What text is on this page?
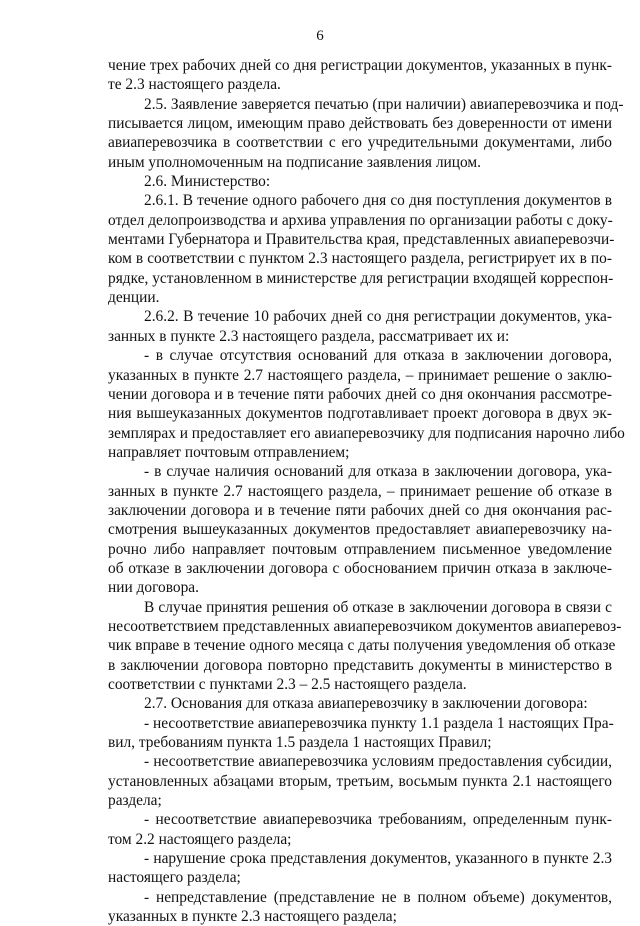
6
чение трех рабочих дней со дня регистрации документов, указанных в пунк-
те 2.3 настоящего раздела.
2.5. Заявление заверяется печатью (при наличии) авиаперевозчика и под-
писывается лицом, имеющим право действовать без доверенности от имени
авиаперевозчика в соответствии с его учредительными документами, либо
иным уполномоченным на подписание заявления лицом.
2.6. Министерство:
2.6.1. В течение одного рабочего дня со дня поступления документов в
отдел делопроизводства и архива управления по организации работы с доку-
ментами Губернатора и Правительства края, представленных авиаперевозчи-
ком в соответствии с пунктом 2.3 настоящего раздела, регистрирует их в по-
рядке, установленном в министерстве для регистрации входящей корреспон-
денции.
2.6.2. В течение 10 рабочих дней со дня регистрации документов, ука-
занных в пункте 2.3 настоящего раздела, рассматривает их и:
- в случае отсутствия оснований для отказа в заключении договора,
указанных в пункте 2.7 настоящего раздела, – принимает решение о заклю-
чении договора и в течение пяти рабочих дней со дня окончания рассмотре-
ния вышеуказанных документов подготавливает проект договора в двух эк-
земплярах и предоставляет его авиаперевозчику для подписания нарочно либо
направляет почтовым отправлением;
- в случае наличия оснований для отказа в заключении договора, ука-
занных в пункте 2.7 настоящего раздела, – принимает решение об отказе в
заключении договора и в течение пяти рабочих дней со дня окончания рас-
смотрения вышеуказанных документов предоставляет авиаперевозчику на-
рочно либо направляет почтовым отправлением письменное уведомление
об отказе в заключении договора с обоснованием причин отказа в заключе-
нии договора.
В случае принятия решения об отказе в заключении договора в связи с
несоответствием представленных авиаперевозчиком документов авиаперевоз-
чик вправе в течение одного месяца с даты получения уведомления об отказе
в заключении договора повторно представить документы в министерство в
соответствии с пунктами 2.3 – 2.5 настоящего раздела.
2.7. Основания для отказа авиаперевозчику в заключении договора:
- несоответствие авиаперевозчика пункту 1.1 раздела 1 настоящих Пра-
вил, требованиям пункта 1.5 раздела 1 настоящих Правил;
- несоответствие авиаперевозчика условиям предоставления субсидии,
установленных абзацами вторым, третьим, восьмым пункта 2.1 настоящего
раздела;
- несоответствие авиаперевозчика требованиям, определенным пунк-
том 2.2 настоящего раздела;
- нарушение срока представления документов, указанного в пункте 2.3
настоящего раздела;
- непредставление (представление не в полном объеме) документов,
указанных в пункте 2.3 настоящего раздела;
